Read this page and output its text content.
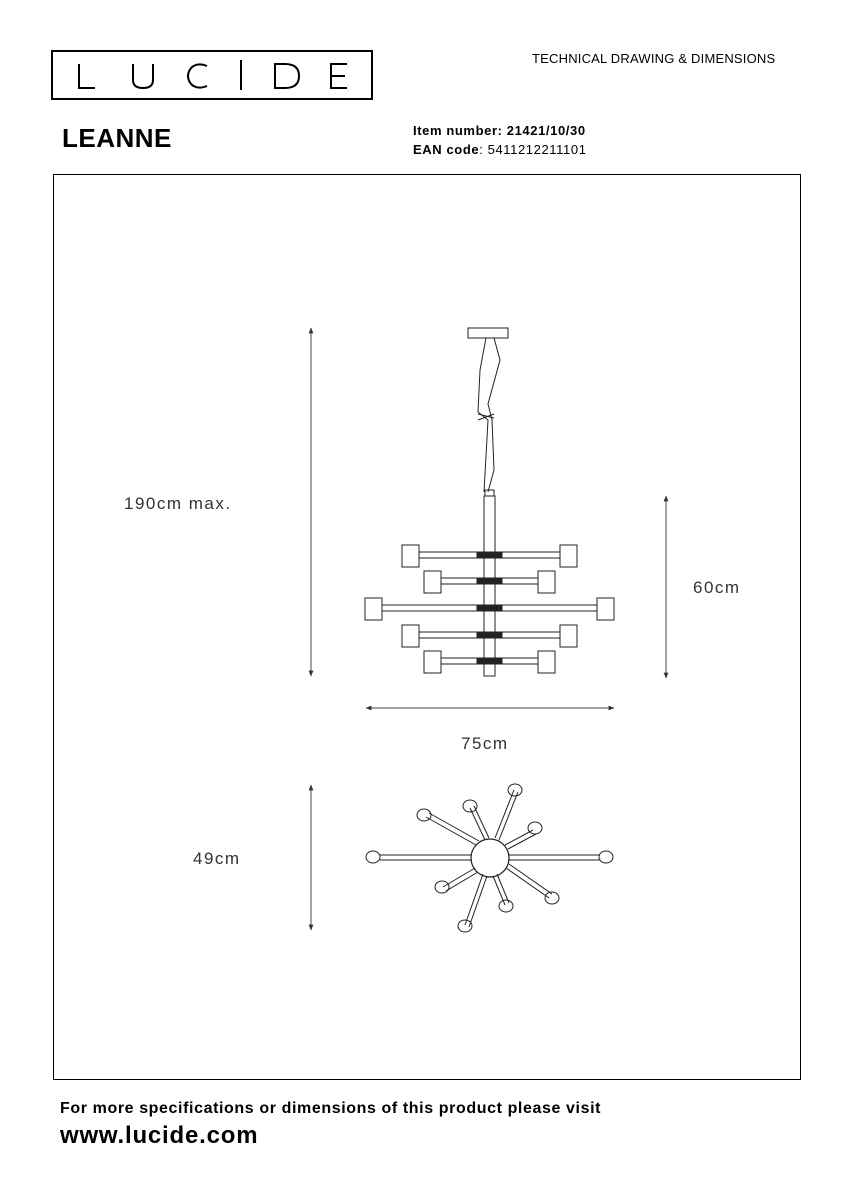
TECHNICAL DRAWING & DIMENSIONS
LEANNE	Item number: 21421/10/30
EAN code: 5411212211101
190cm max.
60cm
75cm
49cm
For more specifications or dimensions of this product please visit
www.lucide.com
